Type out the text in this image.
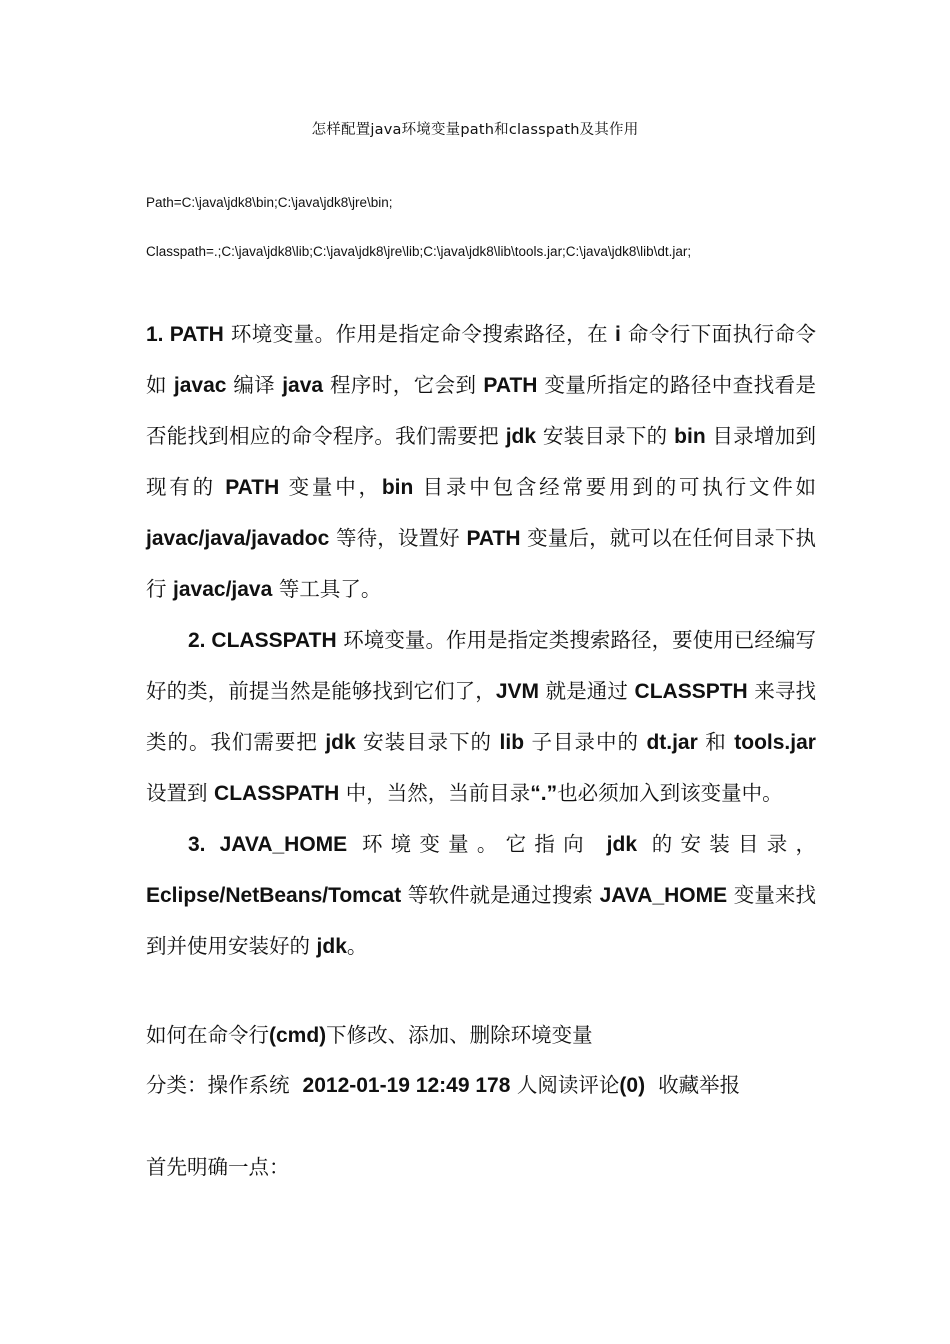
怎样配置java环境变量path和classpath及其作用
Path=C:\java\jdk8\bin;C:\java\jdk8\jre\bin;
Classpath=.;C:\java\jdk8\lib;C:\java\jdk8\jre\lib;C:\java\jdk8\lib\tools.jar;C:\java\jdk8\lib\dt.jar;

1. PATH 环境变量。作用是指定命令搜索路径，在 i 命令行下面执行命令如 javac 编译 java 程序时，它会到 PATH 变量所指定的路径中查找看是否能找到相应的命令程序。我们需要把 jdk 安装目录下的 bin 目录增加到现有的 PATH 变量中，bin 目录中包含经常要用到的可执行文件如 javac/java/javadoc 等待，设置好 PATH 变量后，就可以在任何目录下执行 javac/java 等工具了。

2. CLASSPATH 环境变量。作用是指定类搜索路径，要使用已经编写好的类，前提当然是能够找到它们了，JVM 就是通过 CLASSPTH 来寻找类的。我们需要把 jdk 安装目录下的 lib 子目录中的 dt.jar 和 tools.jar 设置到 CLASSPATH 中，当然，当前目录“.”也必须加入到该变量中。

3. JAVA_HOME 环境变量。它指向 jdk 的安装目录， Eclipse/NetBeans/Tomcat 等软件就是通过搜索 JAVA_HOME 变量来找到并使用安装好的 jdk。

如何在命令行(cmd)下修改、添加、删除环境变量
分类：操作系统 2012-01-19 12:49 178 人阅读评论(0) 收藏举报
首先明确一点：
